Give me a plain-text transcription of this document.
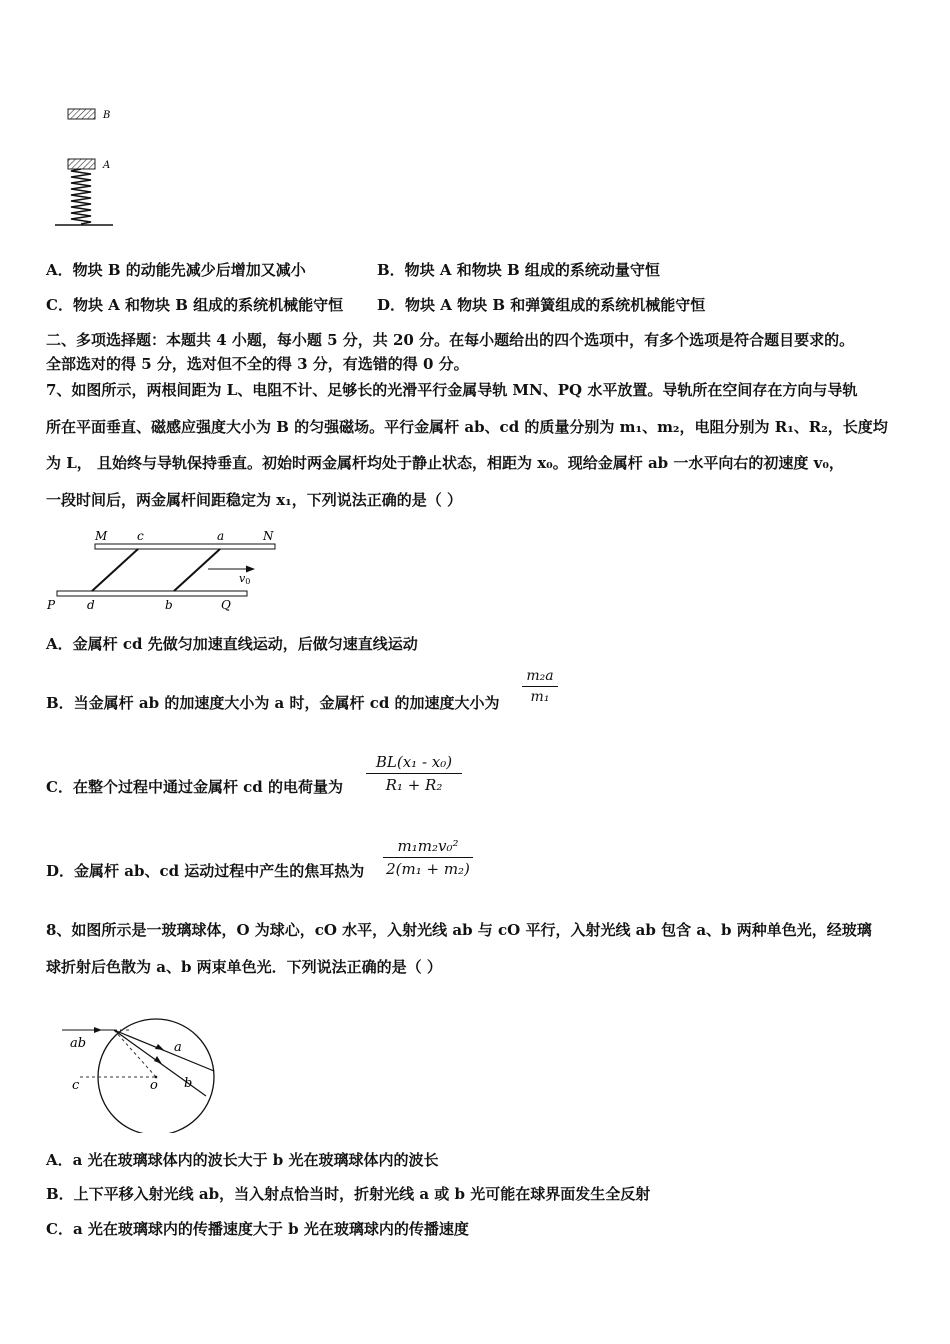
B
A
A．物块 B 的动能先减少后增加又减小	B．物块 A 和物块 B 组成的系统动量守恒
C．物块 A 和物块 B 组成的系统机械能守恒 D．物块 A 物块 B 和弹簧组成的系统机械能守恒
二、多项选择题：本题共 4 小题，每小题 5 分，共 20 分。在每小题给出的四个选项中，有多个选项是符合题目要求的。
全部选对的得 5 分，选对但不全的得 3 分，有选错的得 0 分。
7、如图所示，两根间距为 L、电阻不计、足够长的光滑平行金属导轨 MN、PQ 水平放置。导轨所在空间存在方向与导轨
所在平面垂直、磁感应强度大小为 B 的匀强磁场。平行金属杆 ab、cd 的质量分别为 m₁、m₂，电阻分别为 R₁、R₂，长度均
为 L， 且始终与导轨保持垂直。初始时两金属杆均处于静止状态，相距为 x₀。现给金属杆 ab 一水平向右的初速度 v₀，
一段时间后，两金属杆间距稳定为 x₁，下列说法正确的是（ ）
M c	a	N
v0
P	d	b	Q
A．金属杆 cd 先做匀加速直线运动，后做匀速直线运动
B．当金属杆 ab 的加速度大小为 a 时，金属杆 cd 的加速度大小为
m₂a
m₁
C．在整个过程中通过金属杆 cd 的电荷量为
BL(x₁ - x₀)
R₁ + R₂
D．金属杆 ab、cd 运动过程中产生的焦耳热为
m₁m₂v₀²
2(m₁ + m₂)
8、如图所示是一玻璃球体，O 为球心，cO 水平，入射光线 ab 与 cO 平行，入射光线 ab 包含 a、b 两种单色光，经玻璃
球折射后色散为 a、b 两束单色光．下列说法正确的是（ ）
ab
c	o
a
b
A．a 光在玻璃球体内的波长大于 b 光在玻璃球体内的波长
B．上下平移入射光线 ab，当入射点恰当时，折射光线 a 或 b 光可能在球界面发生全反射
C．a 光在玻璃球内的传播速度大于 b 光在玻璃球内的传播速度
